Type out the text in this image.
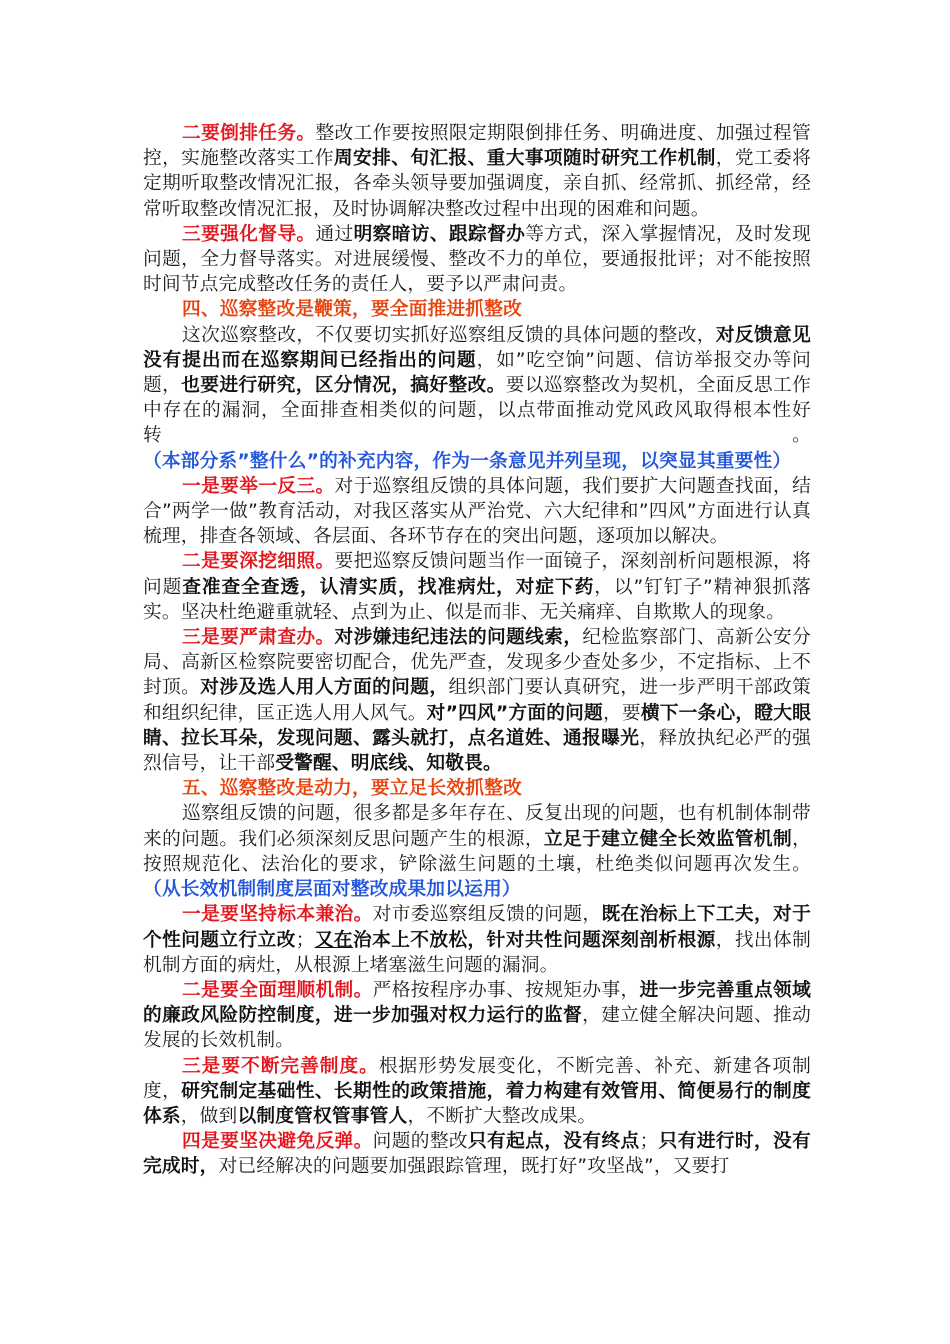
二要倒排任务。整改工作要按照限定期限倒排任务、明确进度、加强过程管控，实施整改落实工作周安排、旬汇报、重大事项随时研究工作机制，党工委将定期听取整改情况汇报，各牵头领导要加强调度，亲自抓、经常抓、抓经常，经常听取整改情况汇报，及时协调解决整改过程中出现的困难和问题。

三要强化督导。通过明察暗访、跟踪督办等方式，深入掌握情况，及时发现问题，全力督导落实。对进展缓慢、整改不力的单位，要通报批评；对不能按照时间节点完成整改任务的责任人，要予以严肃问责。

四、巡察整改是鞭策，要全面推进抓整改

这次巡察整改，不仅要切实抓好巡察组反馈的具体问题的整改，对反馈意见没有提出而在巡察期间已经指出的问题，如”吃空饷”问题、信访举报交办等问题，也要进行研究，区分情况，搞好整改。要以巡察整改为契机，全面反思工作中存在的漏洞，全面排查相类似的问题，以点带面推动党风政风取得根本性好转。（本部分系”整什么”的补充内容，作为一条意见并列呈现，以突显其重要性）

一是要举一反三。对于巡察组反馈的具体问题，我们要扩大问题查找面，结合”两学一做”教育活动，对我区落实从严治党、六大纪律和”四风”方面进行认真梳理，排查各领域、各层面、各环节存在的突出问题，逐项加以解决。

二是要深挖细照。要把巡察反馈问题当作一面镜子，深刻剖析问题根源，将问题查准查全查透，认清实质，找准病灶，对症下药，以”钉钉子”精神狠抓落实。坚决杜绝避重就轻、点到为止、似是而非、无关痛痒、自欺欺人的现象。

三是要严肃查办。对涉嫌违纪违法的问题线索，纪检监察部门、高新公安分局、高新区检察院要密切配合，优先严查，发现多少查处多少，不定指标、上不封顶。对涉及选人用人方面的问题，组织部门要认真研究，进一步严明干部政策和组织纪律，匡正选人用人风气。对”四风”方面的问题，要横下一条心，瞪大眼睛、拉长耳朵，发现问题、露头就打，点名道姓、通报曝光，释放执纪必严的强烈信号，让干部受警醒、明底线、知敬畏。

五、巡察整改是动力，要立足长效抓整改

巡察组反馈的问题，很多都是多年存在、反复出现的问题，也有机制体制带来的问题。我们必须深刻反思问题产生的根源，立足于建立健全长效监管机制，按照规范化、法治化的要求，铲除滋生问题的土壤，杜绝类似问题再次发生。（从长效机制制度层面对整改成果加以运用）

一是要坚持标本兼治。对市委巡察组反馈的问题，既在治标上下工夫，对于个性问题立行立改；又在治本上不放松，针对共性问题深刻剖析根源，找出体制机制方面的病灶，从根源上堵塞滋生问题的漏洞。

二是要全面理顺机制。严格按程序办事、按规矩办事，进一步完善重点领域的廉政风险防控制度，进一步加强对权力运行的监督，建立健全解决问题、推动发展的长效机制。

三是要不断完善制度。根据形势发展变化，不断完善、补充、新建各项制度，研究制定基础性、长期性的政策措施，着力构建有效管用、简便易行的制度体系，做到以制度管权管事管人，不断扩大整改成果。

四是要坚决避免反弹。问题的整改只有起点，没有终点；只有进行时，没有完成时，对已经解决的问题要加强跟踪管理，既打好”攻坚战”，又要打
